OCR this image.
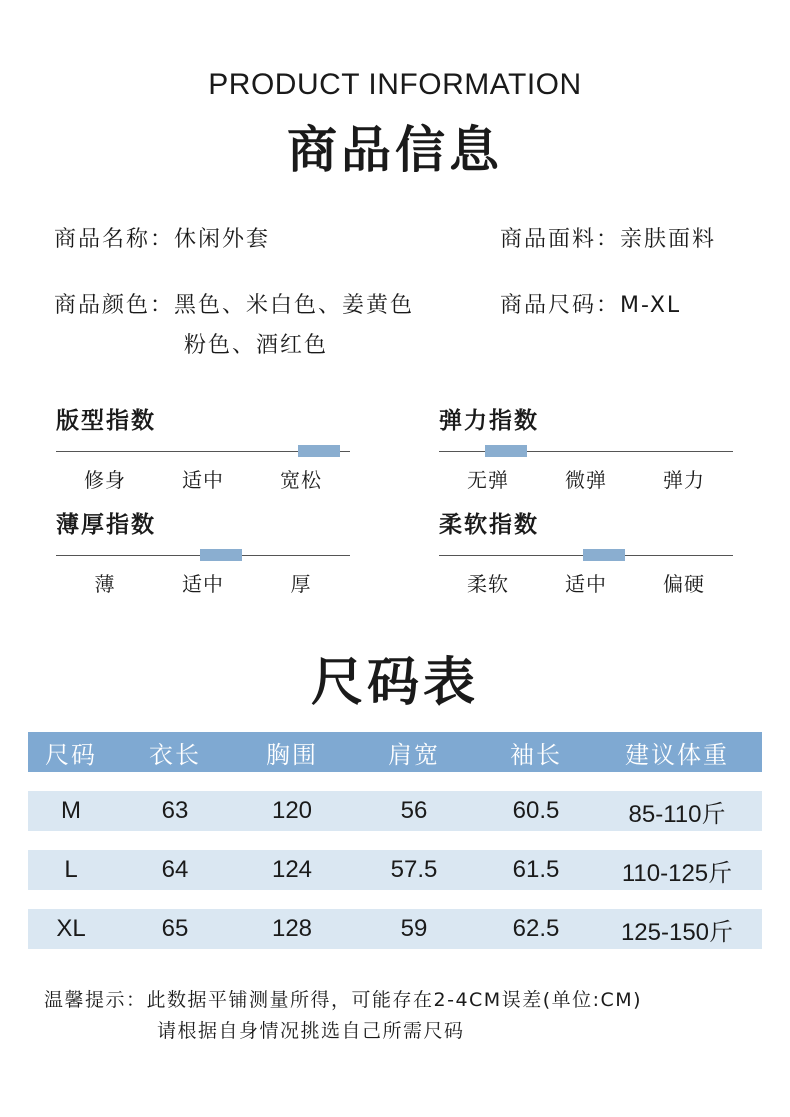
PRODUCT INFORMATION
商品信息
商品名称：休闲外套	商品面料：亲肤面料
商品颜色：黑色、米白色、姜黄色
粉色、酒红色
商品尺码：M-XL
版型指数
修身	适中	宽松
弹力指数
无弹	微弹	弹力
薄厚指数
薄	适中	厚
柔软指数
柔软	适中	偏硬
尺码表
尺码	衣长	胸围	肩宽	袖长	建议体重
M	63	120	56	60.5	85-110斤
L	64	124	57.5	61.5	110-125斤
XL	65	128	59	62.5	125-150斤
温馨提示：此数据平铺测量所得，可能存在2-4CM误差(单位:CM)
请根据自身情况挑选自己所需尺码
